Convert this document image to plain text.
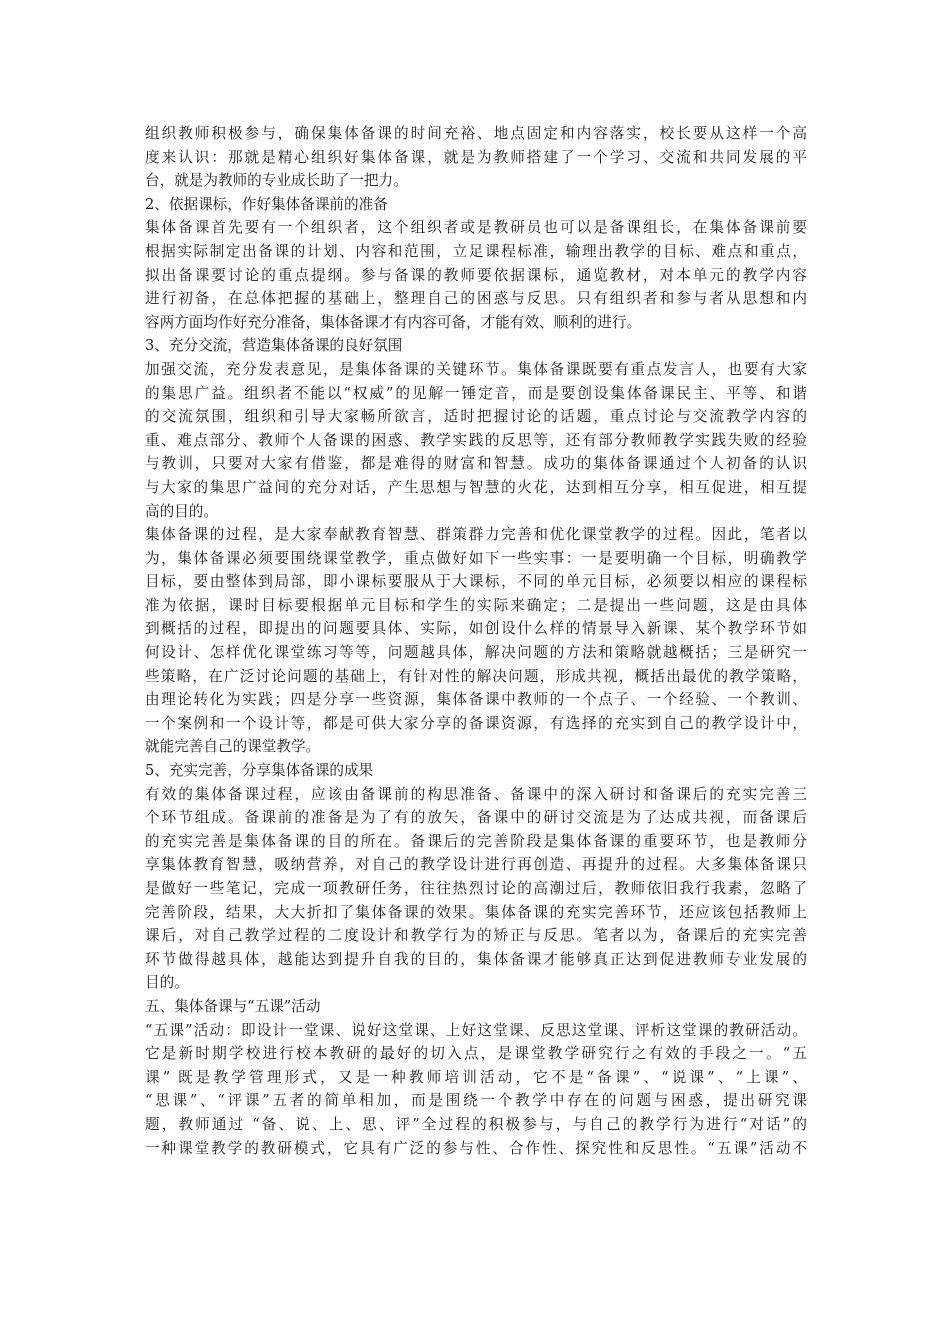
组织教师积极参与，确保集体备课的时间充裕、地点固定和内容落实，校长要从这样一个高
度来认识：那就是精心组织好集体备课，就是为教师搭建了一个学习、交流和共同发展的平
台，就是为教师的专业成长助了一把力。
2、依据课标，作好集体备课前的准备
集体备课首先要有一个组织者，这个组织者或是教研员也可以是备课组长，在集体备课前要
根据实际制定出备课的计划、内容和范围，立足课程标准，输理出教学的目标、难点和重点，
拟出备课要讨论的重点提纲。参与备课的教师要依据课标，通览教材，对本单元的教学内容
进行初备，在总体把握的基础上，整理自己的困惑与反思。只有组织者和参与者从思想和内
容两方面均作好充分准备，集体备课才有内容可备，才能有效、顺利的进行。
3、充分交流，营造集体备课的良好氛围
加强交流，充分发表意见，是集体备课的关键环节。集体备课既要有重点发言人，也要有大家
的集思广益。组织者不能以“权威”的见解一锤定音，而是要创设集体备课民主、平等、和谐
的交流氛围，组织和引导大家畅所欲言，适时把握讨论的话题，重点讨论与交流教学内容的
重、难点部分、教师个人备课的困惑、教学实践的反思等，还有部分教师教学实践失败的经验
与教训，只要对大家有借鉴，都是难得的财富和智慧。成功的集体备课通过个人初备的认识
与大家的集思广益间的充分对话，产生思想与智慧的火花，达到相互分享，相互促进，相互提
高的目的。
集体备课的过程，是大家奉献教育智慧、群策群力完善和优化课堂教学的过程。因此，笔者以
为，集体备课必须要围绕课堂教学，重点做好如下一些实事：一是要明确一个目标，明确教学
目标，要由整体到局部，即小课标要服从于大课标，不同的单元目标，必须要以相应的课程标
准为依据，课时目标要根据单元目标和学生的实际来确定；二是提出一些问题，这是由具体
到概括的过程，即提出的问题要具体、实际，如创设什么样的情景导入新课、某个教学环节如
何设计、怎样优化课堂练习等等，问题越具体，解决问题的方法和策略就越概括；三是研究一
些策略，在广泛讨论问题的基础上，有针对性的解决问题，形成共视，概括出最优的教学策略，
由理论转化为实践；四是分享一些资源，集体备课中教师的一个点子、一个经验、一个教训、
一个案例和一个设计等，都是可供大家分享的备课资源，有选择的充实到自己的教学设计中，
就能完善自己的课堂教学。
5、充实完善，分享集体备课的成果
有效的集体备课过程，应该由备课前的构思准备、备课中的深入研讨和备课后的充实完善三
个环节组成。备课前的准备是为了有的放矢，备课中的研讨交流是为了达成共视，而备课后
的充实完善是集体备课的目的所在。备课后的完善阶段是集体备课的重要环节，也是教师分
享集体教育智慧，吸纳营养，对自己的教学设计进行再创造、再提升的过程。大多集体备课只
是做好一些笔记，完成一项教研任务，往往热烈讨论的高潮过后，教师依旧我行我素，忽略了
完善阶段，结果，大大折扣了集体备课的效果。集体备课的充实完善环节，还应该包括教师上
课后，对自己教学过程的二度设计和教学行为的矫正与反思。笔者以为，备课后的充实完善
环节做得越具体，越能达到提升自我的目的，集体备课才能够真正达到促进教师专业发展的
目的。
五、集体备课与“五课”活动
“五课”活动：即设计一堂课、说好这堂课、上好这堂课、反思这堂课、评析这堂课的教研活动。
它是新时期学校进行校本教研的最好的切入点，是课堂教学研究行之有效的手段之一。“五
课” 既是教学管理形式，又是一种教师培训活动，它不是“备课”、“说课”、“上课”、
“思课”、“评课”五者的简单相加，而是围绕一个教学中存在的问题与困惑，提出研究课
题，教师通过 “备、说、上、思、评”全过程的积极参与，与自己的教学行为进行“对话”的
一种课堂教学的教研模式，它具有广泛的参与性、合作性、探究性和反思性。“五课”活动不
